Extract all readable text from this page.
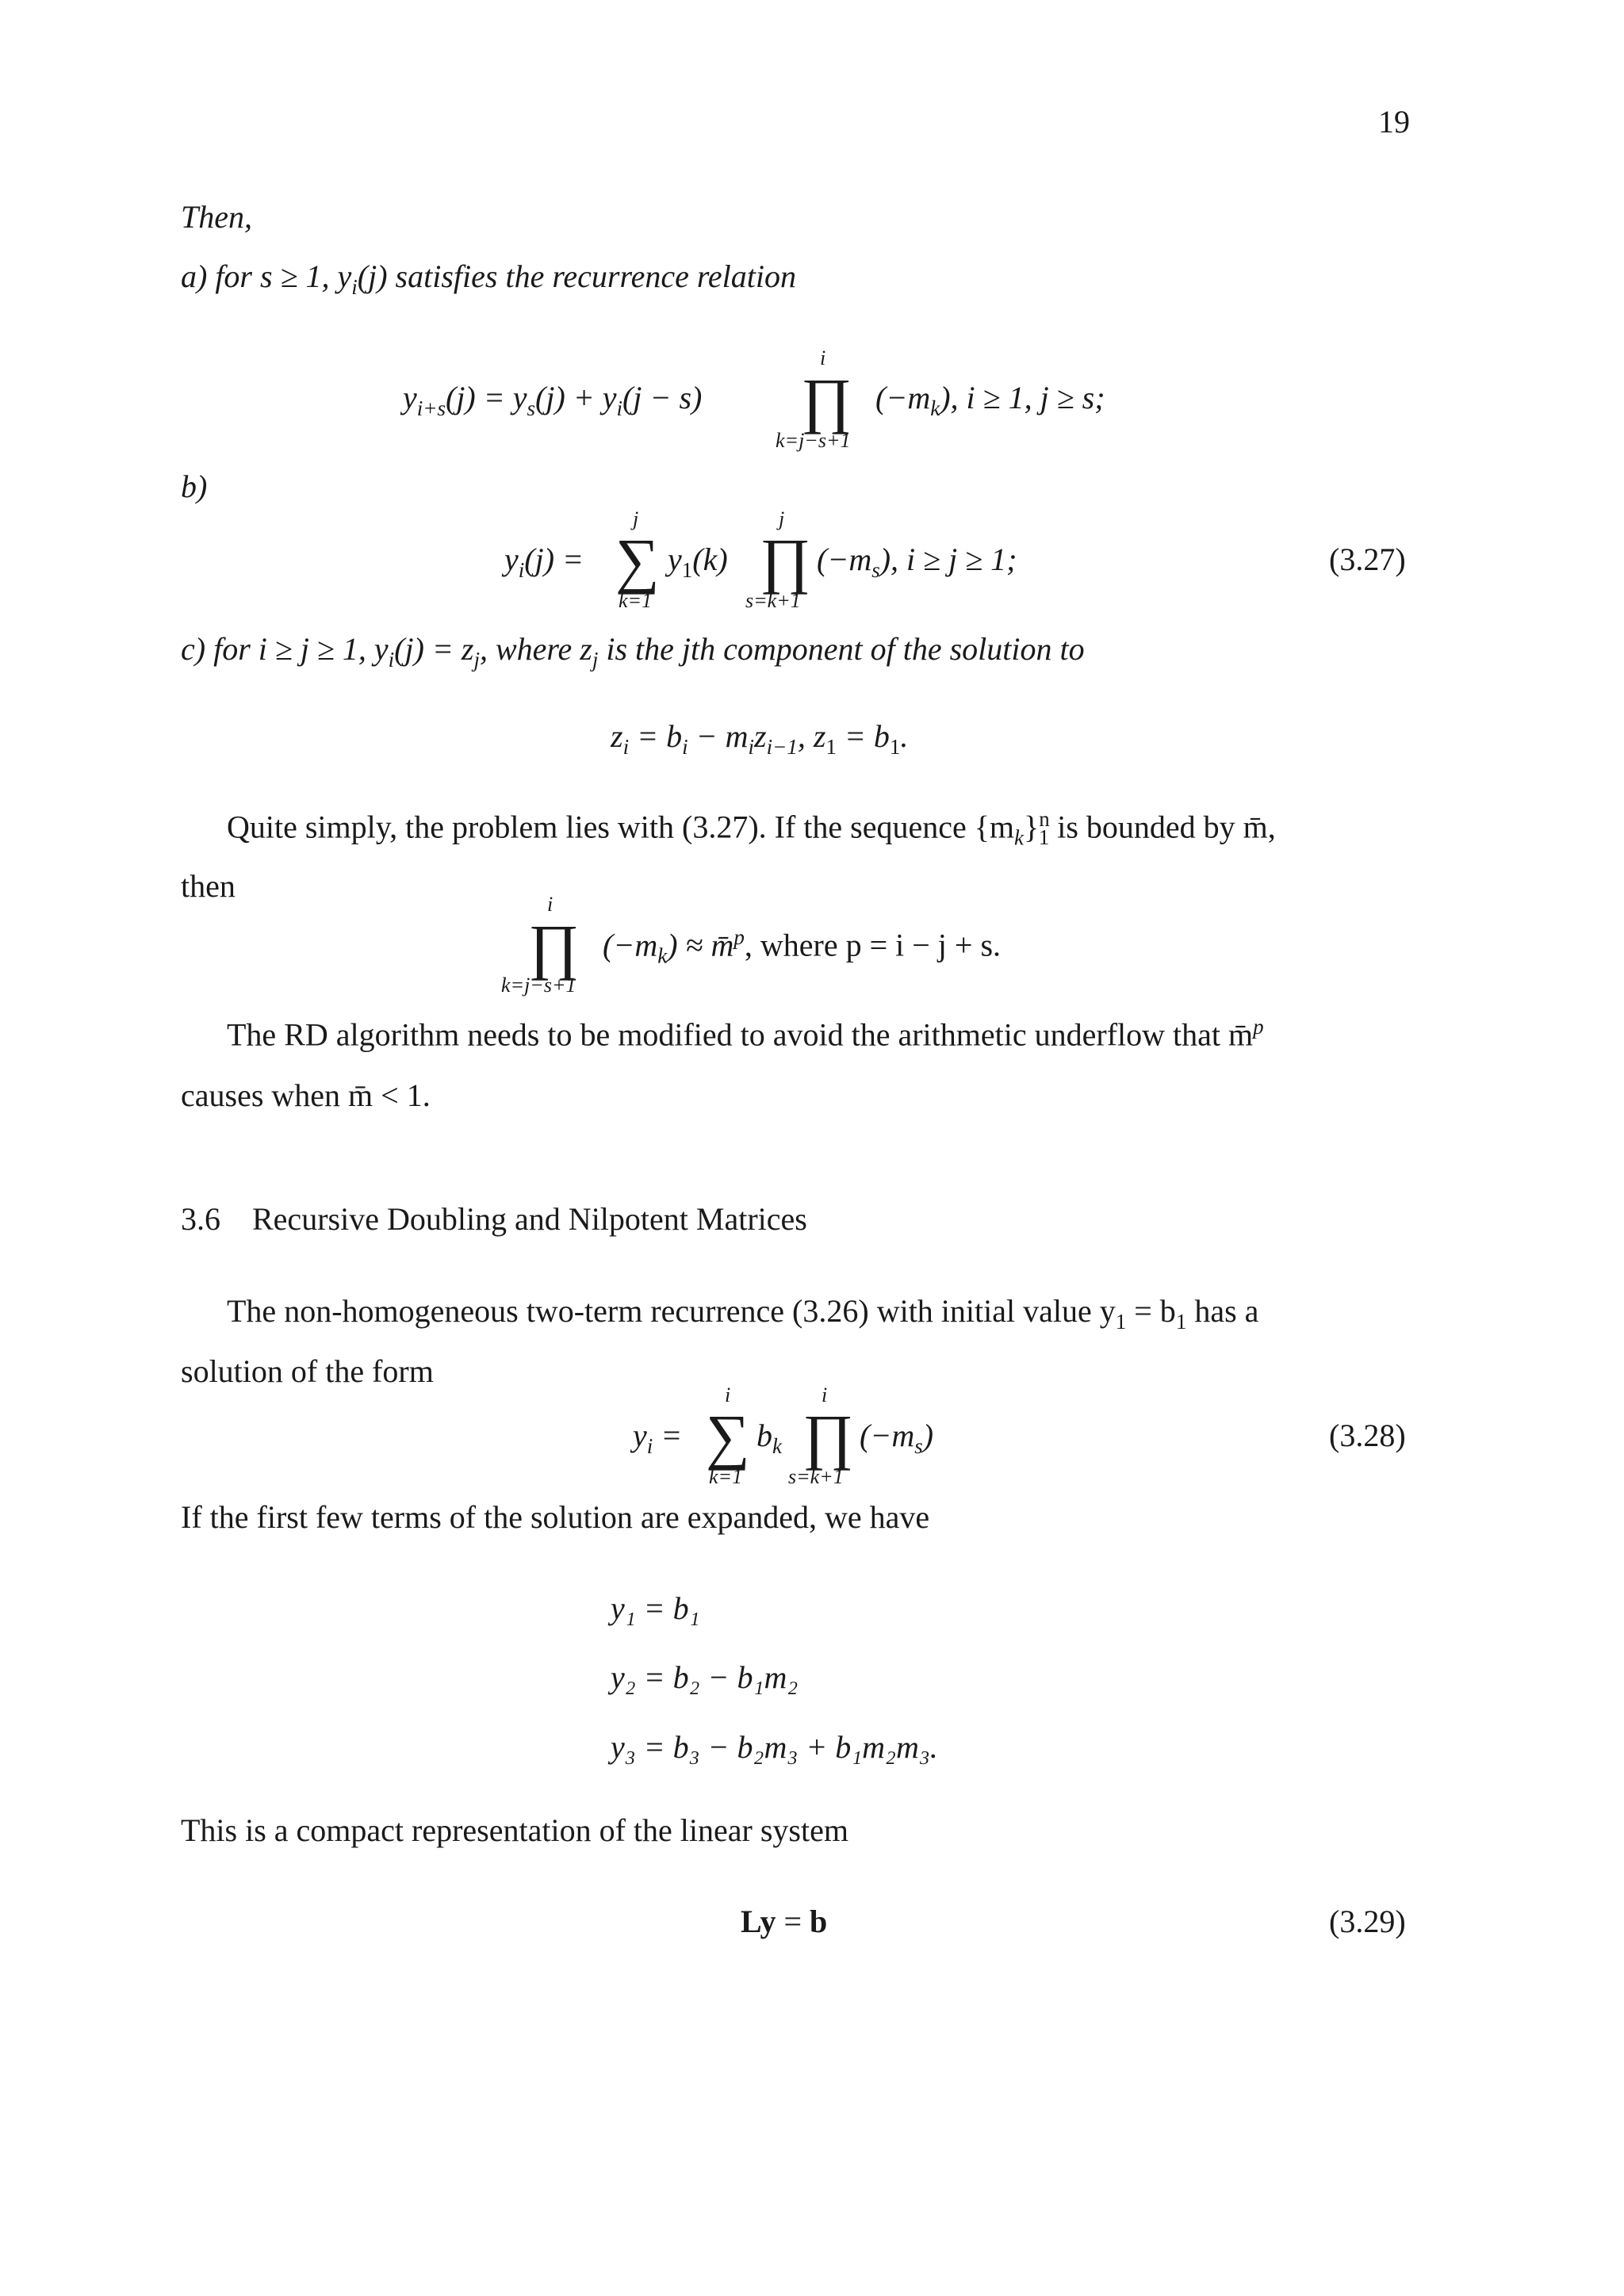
19
Then,
a) for s ≥ 1, $y_i(j)$ satisfies the recurrence relation
$y_{i+s}(j) = y_s(j) + y_i(j - s)$
i
∏
k=j−s+1
$(-m_k)$, i ≥ 1, j ≥ s;
b)
$y_i(j)$ =
j
∑
k=1
$y_1(k)$
j
∏
s=k+1
$(-m_s)$, i ≥ j ≥ 1;	(3.27)
c) for i ≥ j ≥ 1, $y_i(j) = z_j$, where $z_j$ is the jth component of the solution to
$z_i = b_i - m_iz_{i-1}$, $z_1 = b_1$.
Quite simply, the problem lies with (3.27). If the sequence $\{m_k\}^n_1$ is bounded by m̄,
then
i
∏
k=j−s+1
$(-m_k)$ ≈ m̄$^p$, where p = i − j + s.
The RD algorithm needs to be modified to avoid the arithmetic underflow that m̄$^p$
causes when m̄ < 1.
3.6 Recursive Doubling and Nilpotent Matrices
The non-homogeneous two-term recurrence (3.26) with initial value $y_1 = b_1$ has a
solution of the form
$y_i$ =
i
∑
k=1
$b_k$
i
∏
s=k+1
$(-m_s)$	(3.28)
If the first few terms of the solution are expanded, we have
y₁ = b₁
y₂ = b₂ − b₁m₂
y₃ = b₃ − b₂m₃ + b₁m₂m₃.
This is a compact representation of the linear system
Ly = b	(3.29)
